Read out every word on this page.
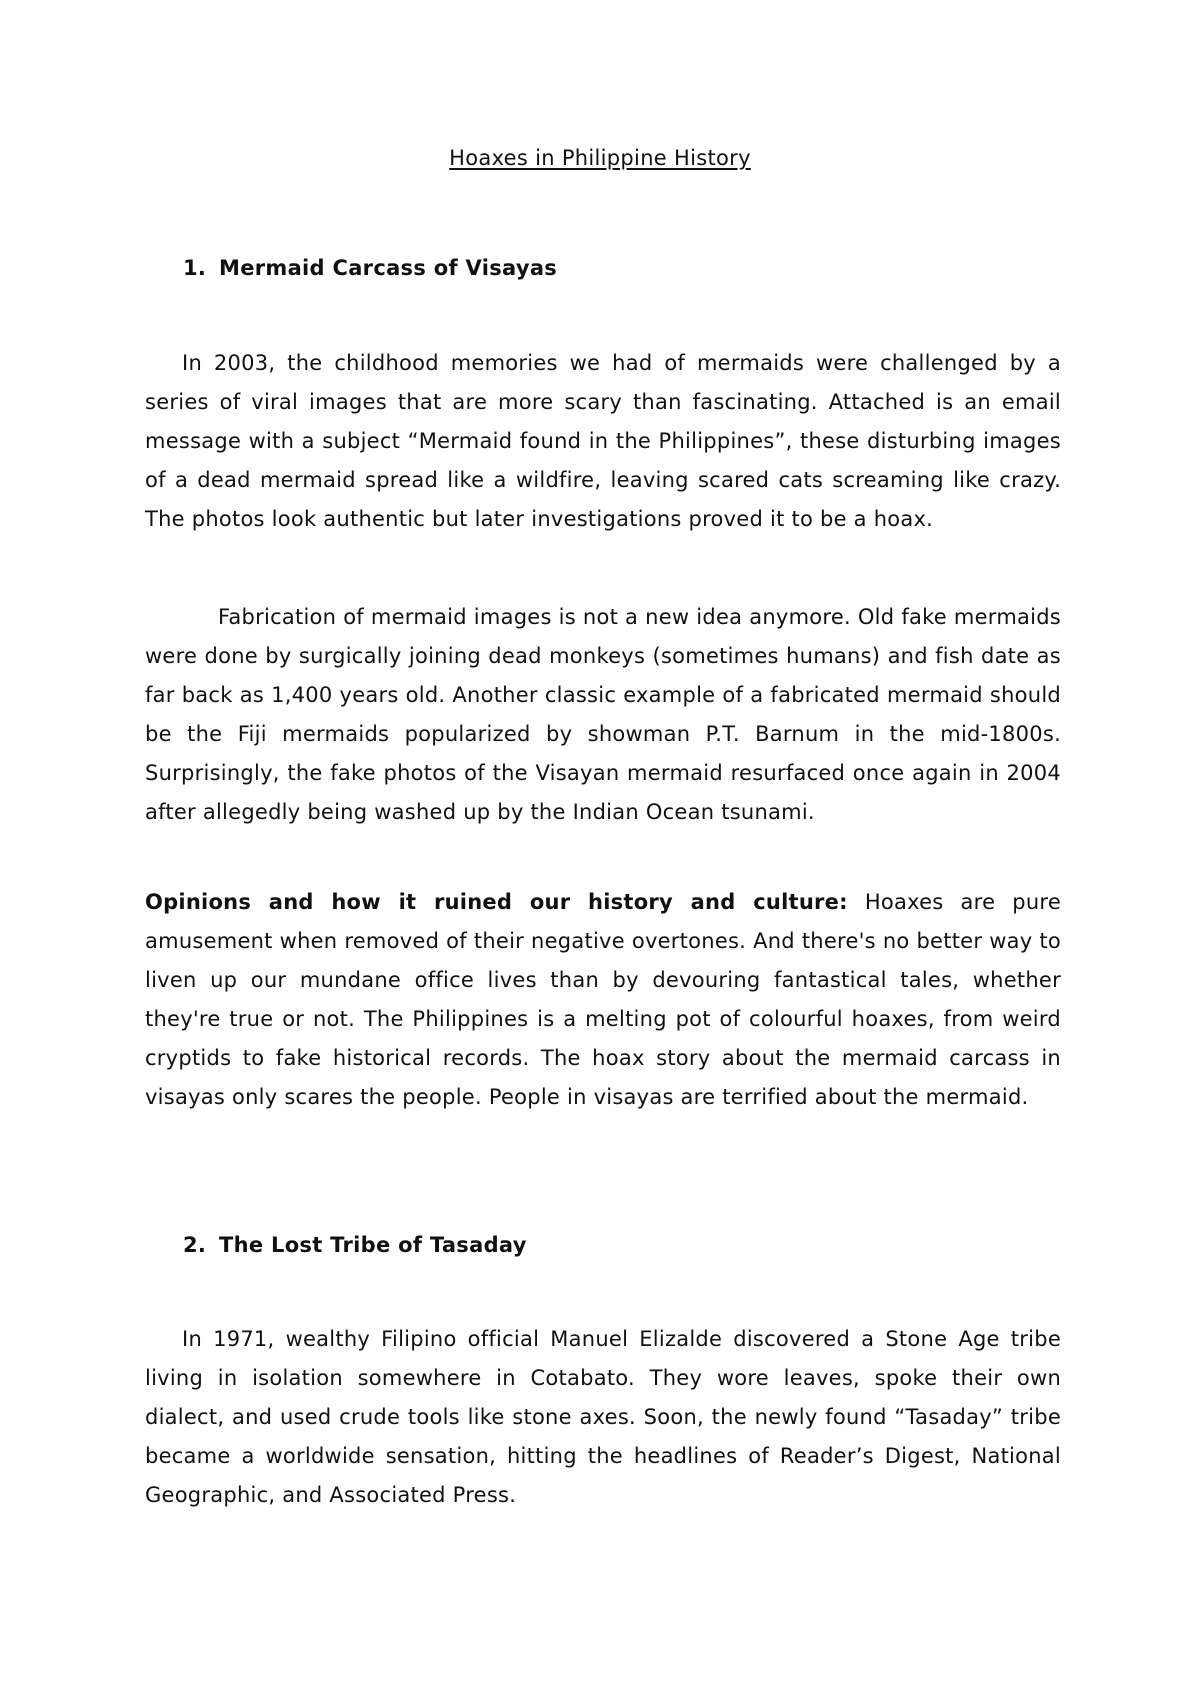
Hoaxes in Philippine History
1. Mermaid Carcass of Visayas

In 2003, the childhood memories we had of mermaids were challenged by a series of viral images that are more scary than fascinating. Attached is an email message with a subject “Mermaid found in the Philippines”, these disturbing images of a dead mermaid spread like a wildfire, leaving scared cats screaming like crazy. The photos look authentic but later investigations proved it to be a hoax.

Fabrication of mermaid images is not a new idea anymore. Old fake mermaids were done by surgically joining dead monkeys (sometimes humans) and fish date as far back as 1,400 years old. Another classic example of a fabricated mermaid should be the Fiji mermaids popularized by showman P.T. Barnum in the mid-1800s. Surprisingly, the fake photos of the Visayan mermaid resurfaced once again in 2004 after allegedly being washed up by the Indian Ocean tsunami.

Opinions and how it ruined our history and culture: Hoaxes are pure amusement when removed of their negative overtones. And there's no better way to liven up our mundane office lives than by devouring fantastical tales, whether they're true or not. The Philippines is a melting pot of colourful hoaxes, from weird cryptids to fake historical records. The hoax story about the mermaid carcass in visayas only scares the people. People in visayas are terrified about the mermaid.

2. The Lost Tribe of Tasaday

In 1971, wealthy Filipino official Manuel Elizalde discovered a Stone Age tribe living in isolation somewhere in Cotabato. They wore leaves, spoke their own dialect, and used crude tools like stone axes. Soon, the newly found “Tasaday” tribe became a worldwide sensation, hitting the headlines of Reader’s Digest, National Geographic, and Associated Press.
